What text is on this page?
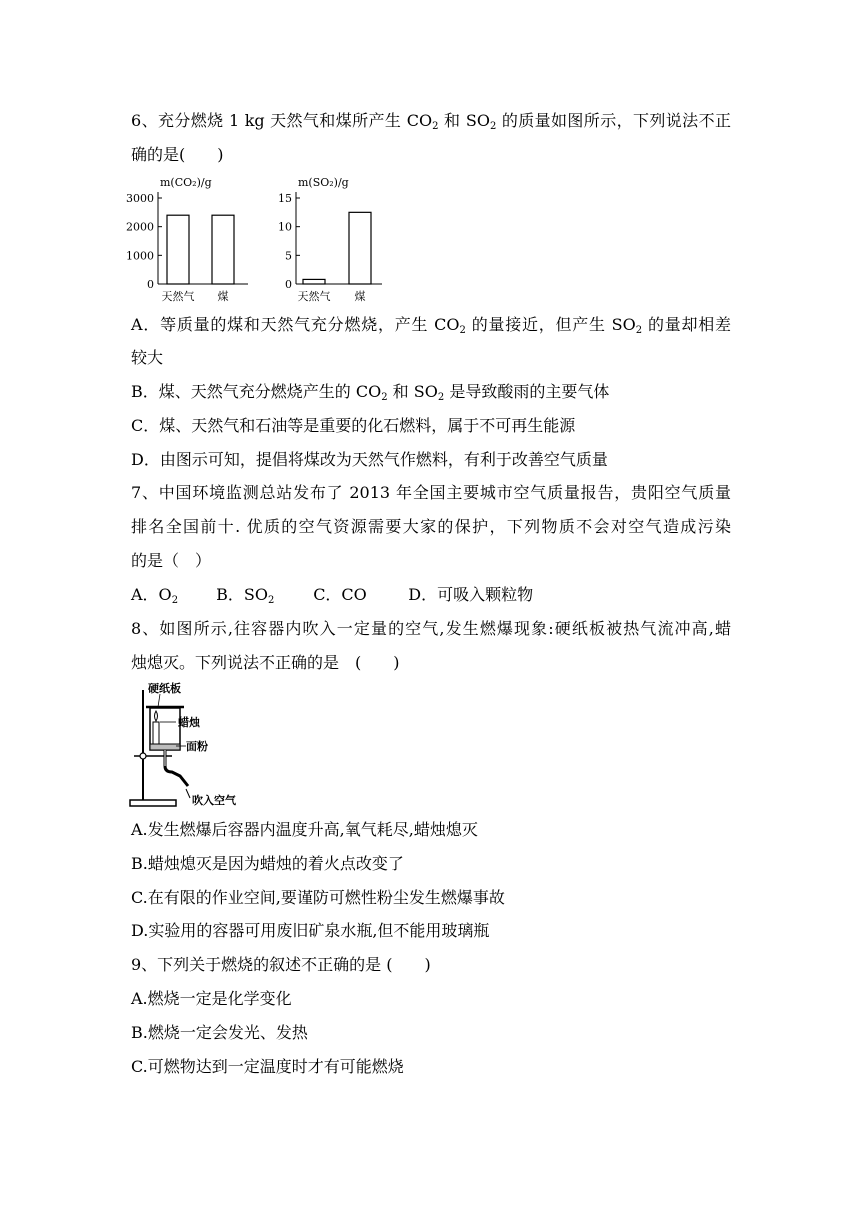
6、充分燃烧 1 kg 天然气和煤所产生 $CO_2$ 和 $SO_2$ 的质量如图所示，下列说法不正
确的是(　　)
m(CO₂)/g
0
1000
2000
3000
天然气 煤
m(SO₂)/g
0
5
10
15
天然气 煤
A．等质量的煤和天然气充分燃烧，产生 $CO_2$ 的量接近，但产生 $SO_2$ 的量却相差
较大
B．煤、天然气充分燃烧产生的 $CO_2$ 和 $SO_2$ 是导致酸雨的主要气体
C．煤、天然气和石油等是重要的化石燃料，属于不可再生能源
D．由图示可知，提倡将煤改为天然气作燃料，有利于改善空气质量
7、中国环境监测总站发布了 2013 年全国主要城市空气质量报告，贵阳空气质量
排名全国前十. 优质的空气资源需要大家的保护，下列物质不会对空气造成污染
的是（　）
A．$O_2$ B．$SO_2$ C．CO	D．可吸入颗粒物
8、如图所示,往容器内吹入一定量的空气,发生燃爆现象:硬纸板被热气流冲高,蜡
烛熄灭。下列说法不正确的是　(　　)
硬纸板
蜡烛
面粉
吹入空气
A.发生燃爆后容器内温度升高,氧气耗尽,蜡烛熄灭
B.蜡烛熄灭是因为蜡烛的着火点改变了
C.在有限的作业空间,要谨防可燃性粉尘发生燃爆事故
D.实验用的容器可用废旧矿泉水瓶,但不能用玻璃瓶
9、下列关于燃烧的叙述不正确的是 (　　)
A.燃烧一定是化学变化
B.燃烧一定会发光、发热
C.可燃物达到一定温度时才有可能燃烧
